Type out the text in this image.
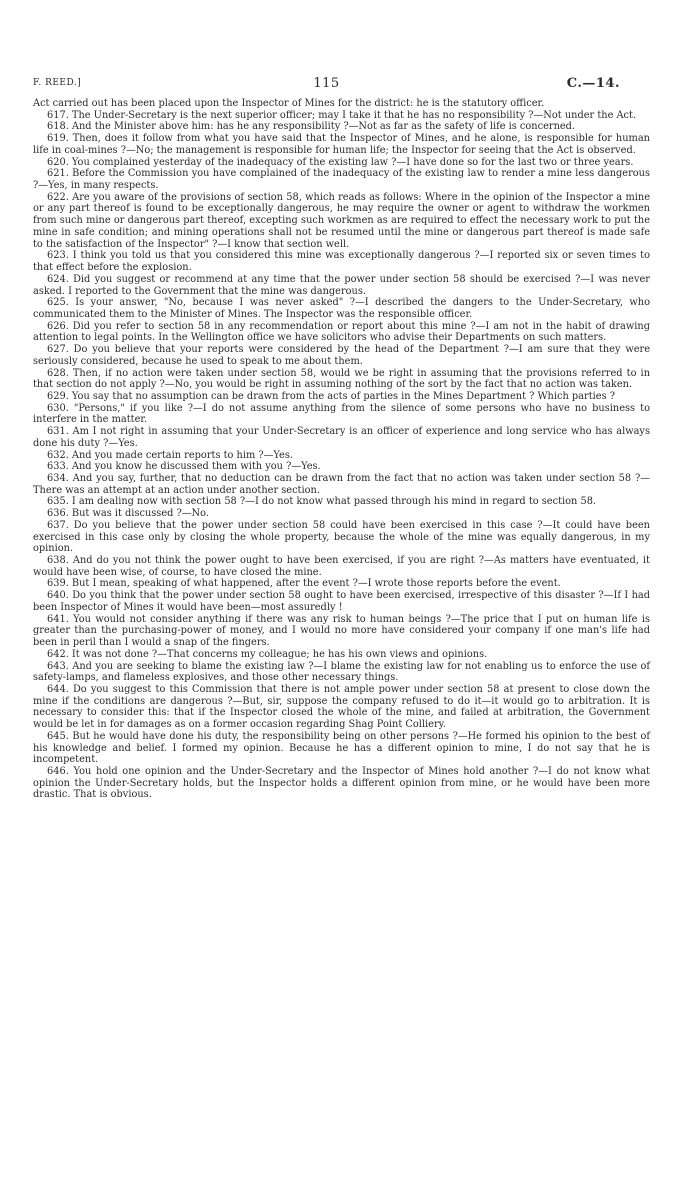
F. REED.]	115	C.—14.

Act carried out has been placed upon the Inspector of Mines for the district: he is the statutory officer.

617. The Under-Secretary is the next superior officer; may I take it that he has no responsibility ?—Not under the Act.

618. And the Minister above him: has he any responsibility ?—Not as far as the safety of life is concerned.

619. Then, does it follow from what you have said that the Inspector of Mines, and he alone, is responsible for human life in coal-mines ?—No; the management is responsible for human life; the Inspector for seeing that the Act is observed.

620. You complained yesterday of the inadequacy of the existing law ?—I have done so for the last two or three years.

621. Before the Commission you have complained of the inadequacy of the existing law to render a mine less dangerous ?—Yes, in many respects.

622. Are you aware of the provisions of section 58, which reads as follows: Where in the opinion of the Inspector a mine or any part thereof is found to be exceptionally dangerous, he may require the owner or agent to withdraw the workmen from such mine or dangerous part thereof, excepting such workmen as are required to effect the necessary work to put the mine in safe condition; and mining operations shall not be resumed until the mine or dangerous part thereof is made safe to the satisfaction of the Inspector" ?—I know that section well.

623. I think you told us that you considered this mine was exceptionally dangerous ?—I reported six or seven times to that effect before the explosion.

624. Did you suggest or recommend at any time that the power under section 58 should be exercised ?—I was never asked. I reported to the Government that the mine was dangerous.

625. Is your answer, "No, because I was never asked" ?—I described the dangers to the Under-Secretary, who communicated them to the Minister of Mines. The Inspector was the responsible officer.

626. Did you refer to section 58 in any recommendation or report about this mine ?—I am not in the habit of drawing attention to legal points. In the Wellington office we have solicitors who advise their Departments on such matters.

627. Do you believe that your reports were considered by the head of the Department ?—I am sure that they were seriously considered, because he used to speak to me about them.

628. Then, if no action were taken under section 58, would we be right in assuming that the provisions referred to in that section do not apply ?—No, you would be right in assuming nothing of the sort by the fact that no action was taken.

629. You say that no assumption can be drawn from the acts of parties in the Mines Department ? Which parties ?

630. "Persons," if you like ?—I do not assume anything from the silence of some persons who have no business to interfere in the matter.

631. Am I not right in assuming that your Under-Secretary is an officer of experience and long service who has always done his duty ?—Yes.

632. And you made certain reports to him ?—Yes.

633. And you know he discussed them with you ?—Yes.

634. And you say, further, that no deduction can be drawn from the fact that no action was taken under section 58 ?—There was an attempt at an action under another section.

635. I am dealing now with section 58 ?—I do not know what passed through his mind in regard to section 58.

636. But was it discussed ?—No.

637. Do you believe that the power under section 58 could have been exercised in this case ?—It could have been exercised in this case only by closing the whole property, because the whole of the mine was equally dangerous, in my opinion.

638. And do you not think the power ought to have been exercised, if you are right ?—As matters have eventuated, it would have been wise, of course, to have closed the mine.

639. But I mean, speaking of what happened, after the event ?—I wrote those reports before the event.

640. Do you think that the power under section 58 ought to have been exercised, irrespective of this disaster ?—If I had been Inspector of Mines it would have been—most assuredly !

641. You would not consider anything if there was any risk to human beings ?—The price that I put on human life is greater than the purchasing-power of money, and I would no more have considered your company if one man's life had been in peril than I would a snap of the fingers.

642. It was not done ?—That concerns my colleague; he has his own views and opinions.

643. And you are seeking to blame the existing law ?—I blame the existing law for not enabling us to enforce the use of safety-lamps, and flameless explosives, and those other necessary things.

644. Do you suggest to this Commission that there is not ample power under section 58 at present to close down the mine if the conditions are dangerous ?—But, sir, suppose the company refused to do it—it would go to arbitration. It is necessary to consider this: that if the Inspector closed the whole of the mine, and failed at arbitration, the Government would be let in for damages as on a former occasion regarding Shag Point Colliery.

645. But he would have done his duty, the responsibility being on other persons ?—He formed his opinion to the best of his knowledge and belief. I formed my opinion. Because he has a different opinion to mine, I do not say that he is incompetent.

646. You hold one opinion and the Under-Secretary and the Inspector of Mines hold another ?—I do not know what opinion the Under-Secretary holds, but the Inspector holds a different opinion from mine, or he would have been more drastic. That is obvious.
